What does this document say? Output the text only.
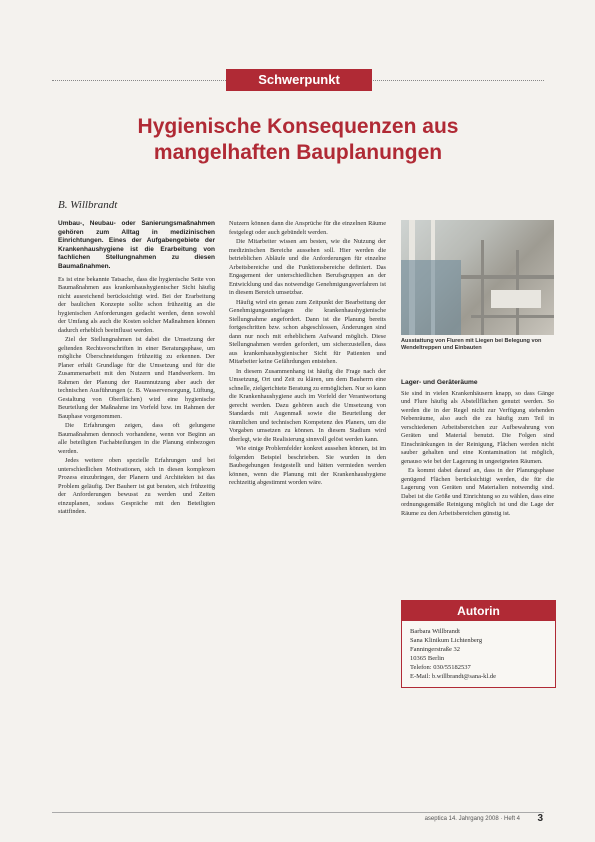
Schwerpunkt
Hygienische Konsequenzen aus
mangelhaften Bauplanungen
B. Willbrandt

Umbau-, Neubau- oder Sanierungsmaßnahmen gehören zum Alltag in medizinischen Einrichtungen. Eines der Aufgabengebiete der Krankenhaushygiene ist die Erarbeitung von fachlichen Stellungnahmen zu diesen Baumaßnahmen.

Es ist eine bekannte Tatsache, dass die hygienische Seite von Baumaßnahmen aus krankenhaushygienischer Sicht häufig nicht ausreichend berücksichtigt wird. Bei der Erarbeitung der baulichen Konzepte sollte schon frühzeitig an die hygienischen Anforderungen gedacht werden, denn sowohl der Umfang als auch die Kosten solcher Maßnahmen können dadurch erheblich beeinflusst werden.

Ziel der Stellungnahmen ist dabei die Umsetzung der geltenden Rechtsvorschriften in einer Beratungsphase, um mögliche Überschneidungen frühzeitig zu erkennen. Der Planer erhält Grundlage für die Umsetzung und für die Zusammenarbeit mit den Nutzern und Handwerkern. Im Rahmen der Planung der Raumnutzung aber auch der technischen Ausführungen (z. B. Wasserversorgung, Lüftung, Gestaltung von Oberflächen) wird eine hygienische Beurteilung der Maßnahme im Vorfeld bzw. im Rahmen der Bauphase vorgenommen.

Die Erfahrungen zeigen, dass oft gelungene Baumaßnahmen dennoch vorhandene, wenn vor Beginn an alle beteiligten Fachabteilungen in die Planung einbezogen werden.

Jedes weitere oben spezielle Erfahrungen und bei unterschiedlichen Motivationen, sich in diesen komplexen Prozess einzubringen, der Planern und Architekten ist das Problem geläufig. Der Bauherr ist gut beraten, sich frühzeitig der Anforderungen bewusst zu werden und Zeiten einzuplanen, sodass Gespräche mit den Beteiligten stattfinden.

Nutzern können dann die Ansprüche für die einzelnen Räume festgelegt oder auch gebündelt werden.

Die Mitarbeiter wissen am besten, wie die Nutzung der medizinischen Bereiche aussehen soll. Hier werden die betrieblichen Abläufe und die Anforderungen für einzelne Arbeitsbereiche und die Funktionsbereiche definiert. Das Engagement der unterschiedlichen Berufsgruppen an der Entwicklung und das notwendige Genehmigungsverfahren ist in diesem Bereich umsetzbar.

Häufig wird ein genau zum Zeitpunkt der Bearbeitung der Genehmigungsunterlagen die krankenhaushygienische Stellungnahme angefordert. Dann ist die Planung bereits fortgeschritten bzw. schon abgeschlossen, Änderungen sind dann nur noch mit erheblichem Aufwand möglich. Diese Stellungnahmen werden gefordert, um sicherzustellen, dass aus krankenhaushygienischer Sicht für Patienten und Mitarbeiter keine Gefährdungen entstehen.

In diesem Zusammenhang ist häufig die Frage nach der Umsetzung, Ort und Zeit zu klären, um dem Bauherrn eine schnelle, zielgerichtete Beratung zu ermöglichen. Nur so kann die Krankenhaushygiene auch im Vorfeld der Verantwortung gerecht werden. Dazu gehören auch die Umsetzung von Standards mit Augenmaß sowie die Beurteilung der räumlichen und technischen Kompetenz des Planers, um die Vorgaben umsetzen zu können. In diesem Stadium wird überlegt, wie die Realisierung sinnvoll gelöst werden kann.

Wie einige Problemfelder konkret aussehen können, ist im folgenden Beispiel beschrieben. Sie wurden in den Baubegehungen festgestellt und hätten vermieden werden können, wenn die Planung mit der Krankenhaushygiene rechtzeitig abgestimmt worden wäre.

Ausstattung von Fluren mit Liegen bei Belegung von Wendeltreppen und Einbauten
Lager- und Geräteräume

Sie sind in vielen Krankenhäusern knapp, so dass Gänge und Flure häufig als Abstellflächen genutzt werden. So werden die in der Regel nicht zur Verfügung stehenden Nebenräume, also auch die zu häufig zum Teil in verschiedenen Arbeitsbereichen zur Aufbewahrung von Geräten und Material benutzt. Die Folgen sind Einschränkungen in der Reinigung, Flächen werden nicht sauber gehalten und eine Kontamination ist möglich, genauso wie bei der Lagerung in ungeeigneten Räumen.

Es kommt dabei darauf an, dass in der Planungsphase genügend Flächen berücksichtigt werden, die für die Lagerung von Geräten und Materialien notwendig sind. Dabei ist die Größe und Einrichtung so zu wählen, dass eine ordnungsgemäße Reinigung möglich ist und die Lage der Räume zu den Arbeitsbereichen günstig ist.

Autorin
Barbara Willbrandt
Sana Klinikum Lichtenberg
Fanningerstraße 32
10365 Berlin
Telefon: 030/55182537
E-Mail: b.willbrandt@sana-kl.de
aseptica 14. Jahrgang 2008 · Heft 4 3
